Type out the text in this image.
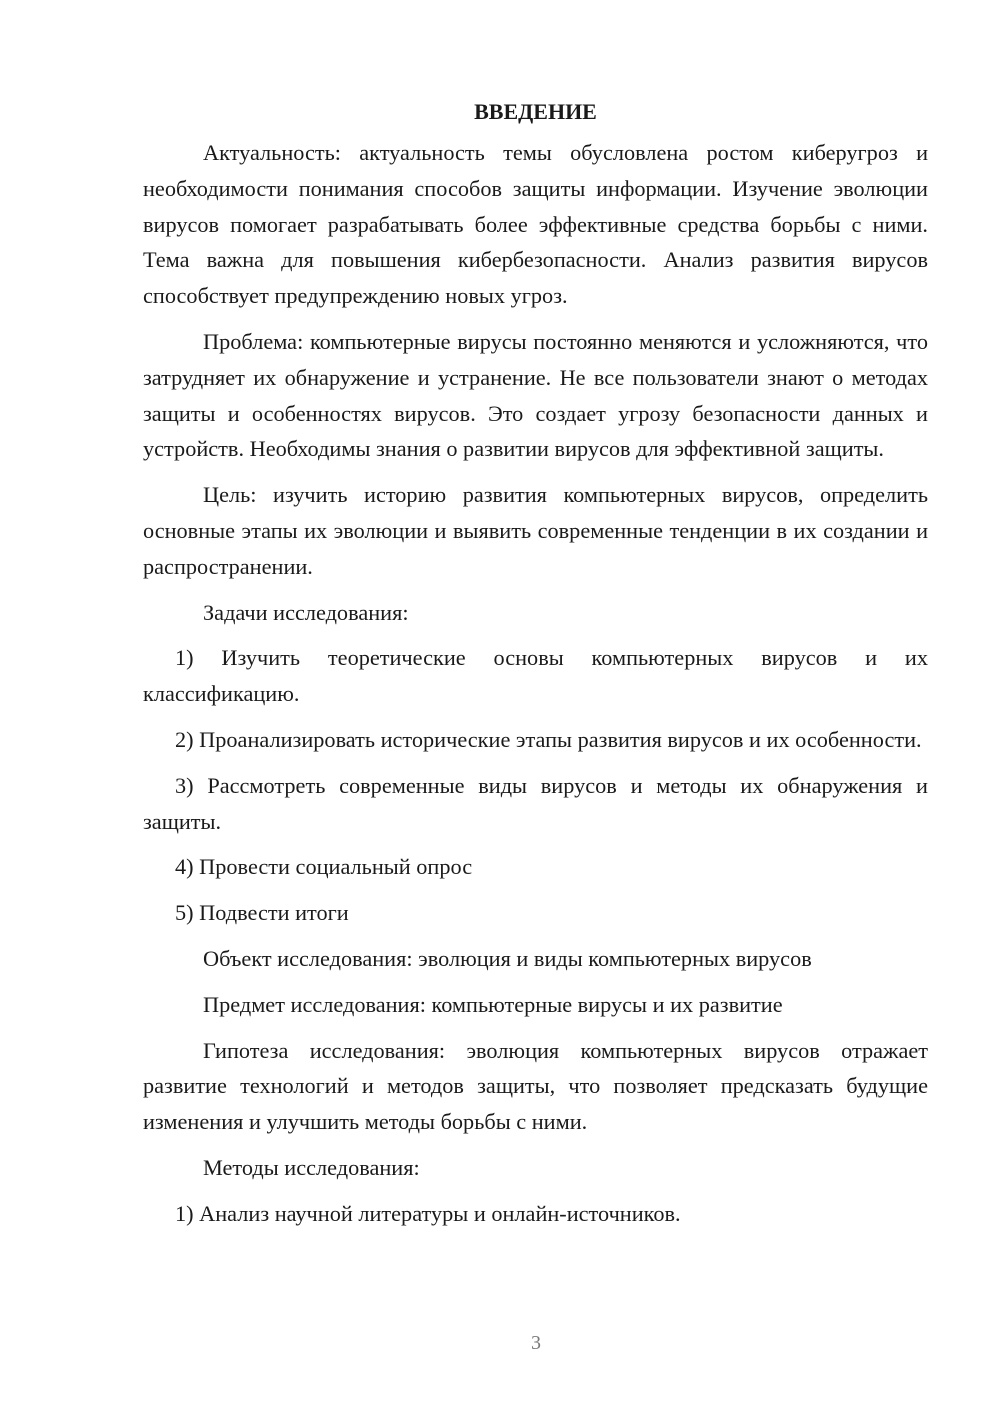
ВВЕДЕНИЕ

Актуальность: актуальность темы обусловлена ростом киберугроз и необходимости понимания способов защиты информации. Изучение эволюции вирусов помогает разрабатывать более эффективные средства борьбы с ними. Тема важна для повышения кибербезопасности. Анализ развития вирусов способствует предупреждению новых угроз.

Проблема: компьютерные вирусы постоянно меняются и усложняются, что затрудняет их обнаружение и устранение. Не все пользователи знают о методах защиты и особенностях вирусов. Это создает угрозу безопасности данных и устройств. Необходимы знания о развитии вирусов для эффективной защиты.

Цель: изучить историю развития компьютерных вирусов, определить основные этапы их эволюции и выявить современные тенденции в их создании и распространении.

Задачи исследования:

1) Изучить теоретические основы компьютерных вирусов и их классификацию.

2) Проанализировать исторические этапы развития вирусов и их особенности.

3) Рассмотреть современные виды вирусов и методы их обнаружения и защиты.

4) Провести социальный опрос

5) Подвести итоги

Объект исследования: эволюция и виды компьютерных вирусов

Предмет исследования: компьютерные вирусы и их развитие

Гипотеза исследования: эволюция компьютерных вирусов отражает развитие технологий и методов защиты, что позволяет предсказать будущие изменения и улучшить методы борьбы с ними.

Методы исследования:

1) Анализ научной литературы и онлайн-источников.

3
